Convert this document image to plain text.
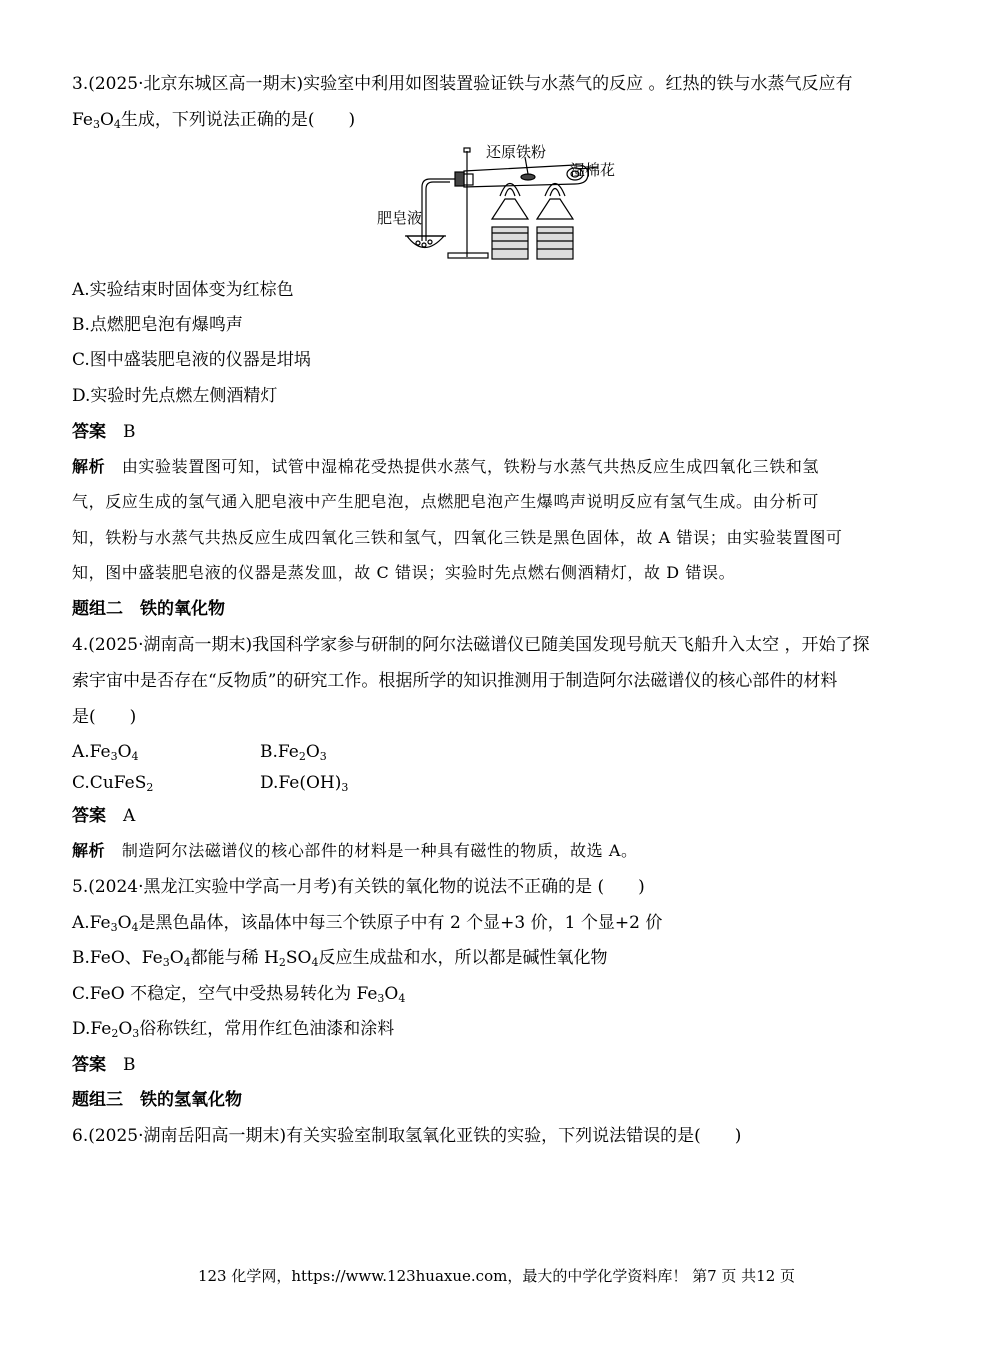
3.(2025·北京东城区高一期末)实验室中利用如图装置验证铁与水蒸气的反应 。红热的铁与水蒸气反应有
$Fe_3O_4$生成，下列说法正确的是(　　)
还原铁粉
湿棉花
肥皂液
A.实验结束时固体变为红棕色
B.点燃肥皂泡有爆鸣声
C.图中盛装肥皂液的仪器是坩埚
D.实验时先点燃左侧酒精灯
答案　 B
解析　 由实验装置图可知，试管中湿棉花受热提供水蒸气，铁粉与水蒸气共热反应生成四氧化三铁和氢
气，反应生成的氢气通入肥皂液中产生肥皂泡，点燃肥皂泡产生爆鸣声说明反应有氢气生成。由分析可
知，铁粉与水蒸气共热反应生成四氧化三铁和氢气，四氧化三铁是黑色固体，故 A 错误；由实验装置图可
知，图中盛装肥皂液的仪器是蒸发皿，故 C 错误；实验时先点燃右侧酒精灯，故 D 错误。
题组二　铁的氧化物
4.(2025·湖南高一期末)我国科学家参与研制的阿尔法磁谱仪已随美国发现号航天飞船升入太空 ，开始了探
索宇宙中是否存在“反物质”的研究工作。根据所学的知识推测用于制造阿尔法磁谱仪的核心部件的材料
是(　　)
$A.Fe_3O_4$	$B.Fe_2O_3$
C.CuFeS$_2$	$D.Fe(OH)_3$
答案　 A
解析　 制造阿尔法磁谱仪的核心部件的材料是一种具有磁性的物质，故选 A。
5.(2024·黑龙江实验中学高一月考)有关铁的氧化物的说法不正确的是 (　　)
$A.Fe_3O_4$是黑色晶体，该晶体中每三个铁原子中有 2 个显+3 价，1 个显+2 价
B.FeO、$Fe_3O_4$都能与稀 $H_2SO_4$反应生成盐和水，所以都是碱性氧化物
C.FeO 不稳定，空气中受热易转化为 $Fe_3O_4$
$D.Fe_2O_3$俗称铁红，常用作红色油漆和涂料
答案　 B
题组三　铁的氢氧化物
6.(2025·湖南岳阳高一期末)有关实验室制取氢氧化亚铁的实验，下列说法错误的是(　　)
123 化学网，https://www.123huaxue.com，最大的中学化学资料库！ 第7 页 共12 页
